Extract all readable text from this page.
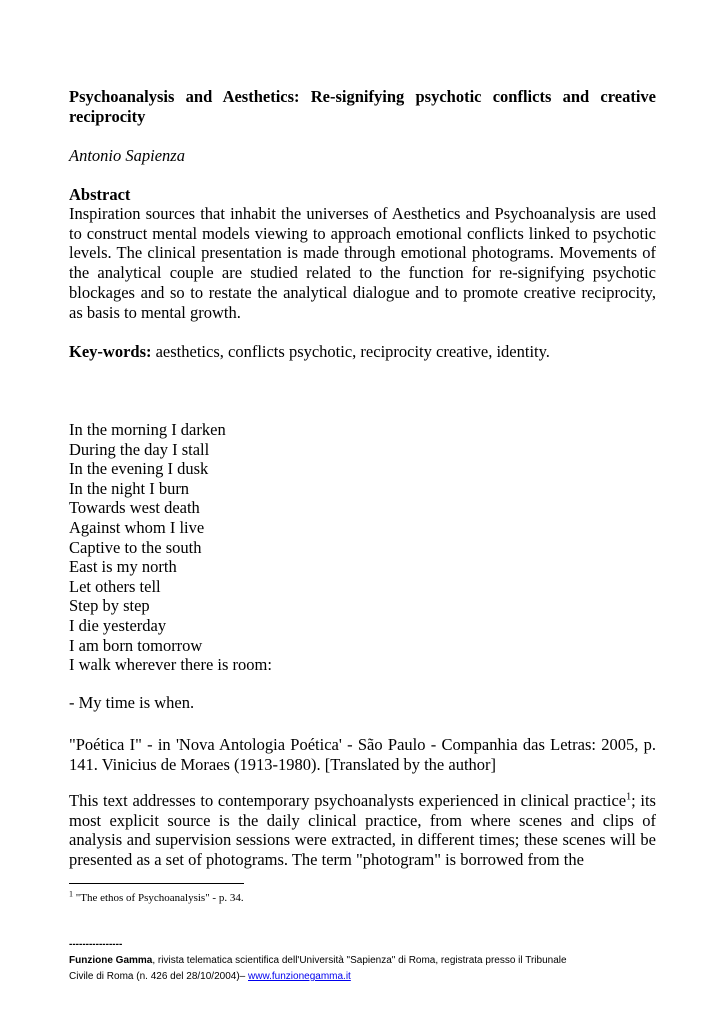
Psychoanalysis and Aesthetics: Re-signifying psychotic conflicts and creative reciprocity

Antonio Sapienza

Abstract

Inspiration sources that inhabit the universes of Aesthetics and Psychoanalysis are used to construct mental models viewing to approach emotional conflicts linked to psychotic levels. The clinical presentation is made through emotional photograms. Movements of the analytical couple are studied related to the function for re-signifying psychotic blockages and so to restate the analytical dialogue and to promote creative reciprocity, as basis to mental growth.

Key-words: aesthetics, conflicts psychotic, reciprocity creative, identity.

In the morning I darken
During the day I stall
In the evening I dusk
In the night I burn
Towards west death
Against whom I live
Captive to the south
East is my north
Let others tell
Step by step
I die yesterday
I am born tomorrow
I walk wherever there is room:

- My time is when.

"Poética I" - in 'Nova Antologia Poética' - São Paulo - Companhia das Letras: 2005, p. 141. Vinicius de Moraes (1913-1980). [Translated by the author]

This text addresses to contemporary psychoanalysts experienced in clinical practice$^1$; its most explicit source is the daily clinical practice, from where scenes and clips of analysis and supervision sessions were extracted, in different times; these scenes will be presented as a set of photograms. The term "photogram" is borrowed from the

$^1$ "The ethos of Psychoanalysis" - p. 34.

----------------
Funzione Gamma, rivista telematica scientifica dell'Università "Sapienza" di Roma, registrata presso il Tribunale
Civile di Roma (n. 426 del 28/10/2004)– www.funzionegamma.it
